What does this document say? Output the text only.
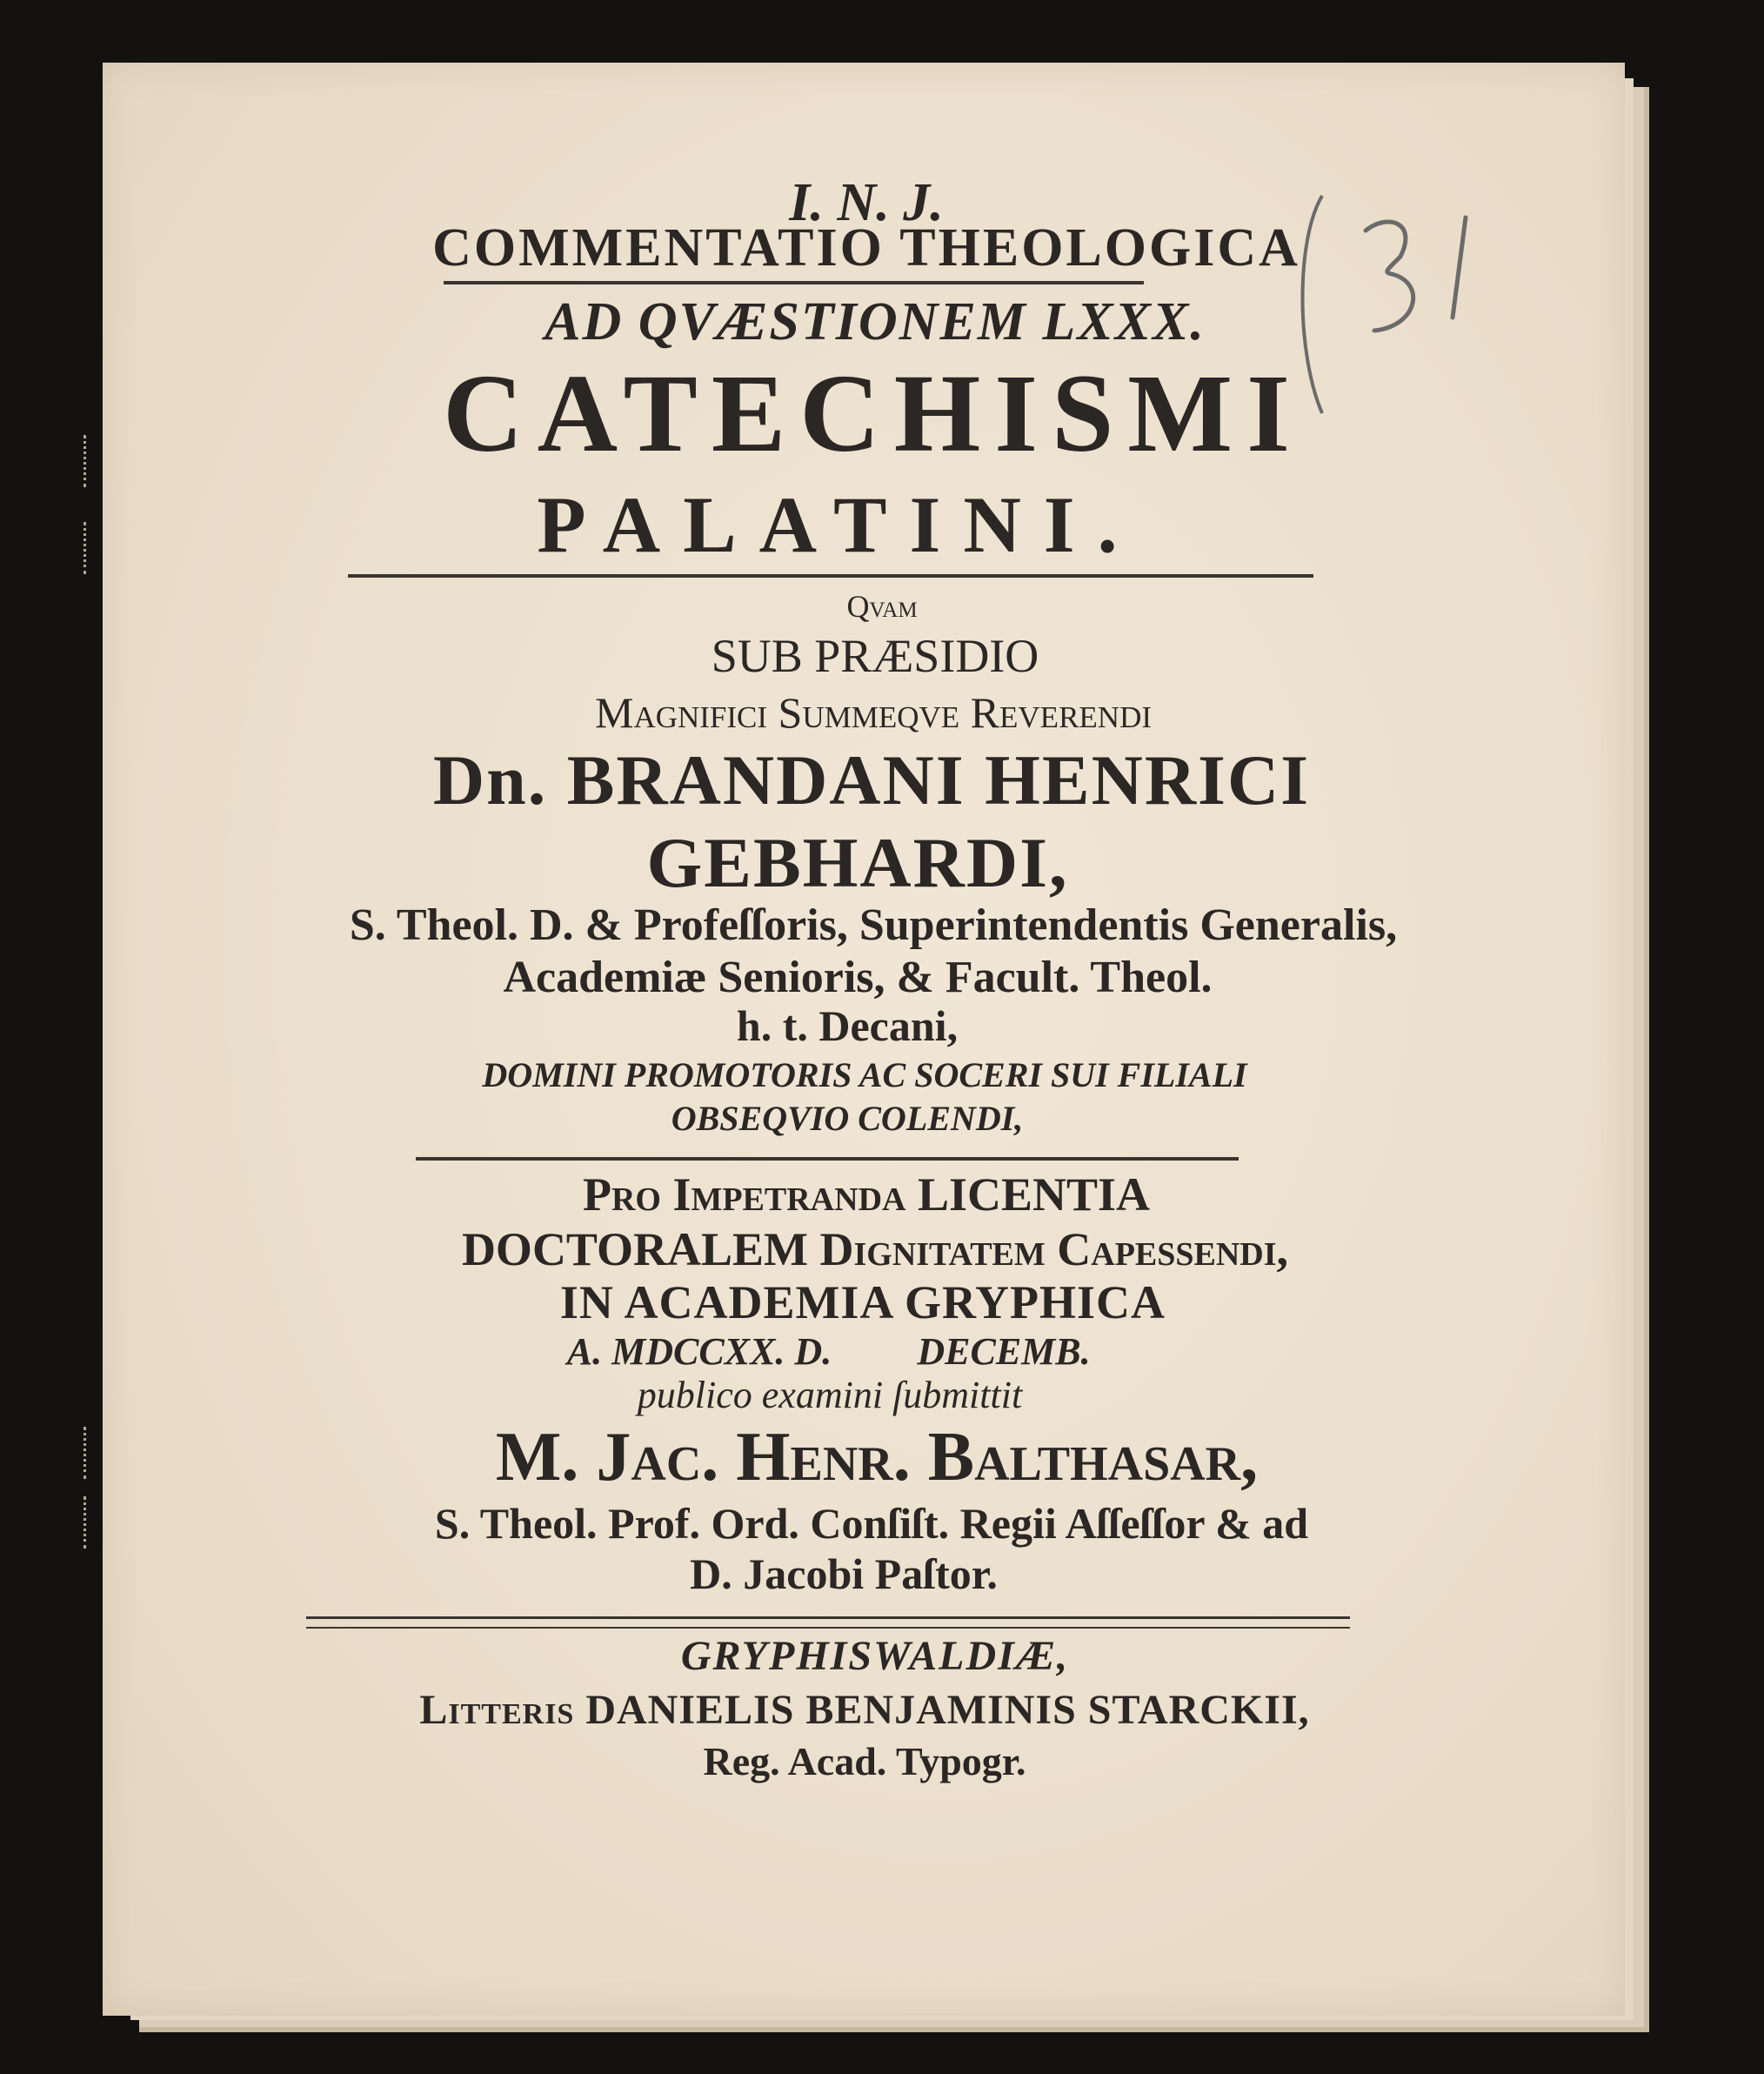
I. N. J.
COMMENTATIO THEOLOGICA
AD QVÆSTIONEM LXXX.
CATECHISMI
PALATINI.
Qvam
SUB PRÆSIDIO
Magnifici Summeqve Reverendi
Dn. BRANDANI HENRICI
GEBHARDI,
S. Theol. D. & Profeſſoris, Superintendentis Generalis,
Academiæ Senioris, & Facult. Theol.
h. t. Decani,
DOMINI PROMOTORIS AC SOCERI SUI FILIALI
OBSEQVIO COLENDI,
Pro Impetranda LICENTIA
DOCTORALEM Dignitatem Capessendi,
IN ACADEMIA GRYPHICA
A. MDCCXX. D.	DECEMB.
publico examini ſubmittit
M. Jac. Henr. Balthasar,
S. Theol. Prof. Ord. Conſiſt. Regii Aſſeſſor & ad
D. Jacobi Paſtor.
GRYPHISWALDIÆ,
Litteris DANIELIS BENJAMINIS STARCKII,
Reg. Acad. Typogr.
